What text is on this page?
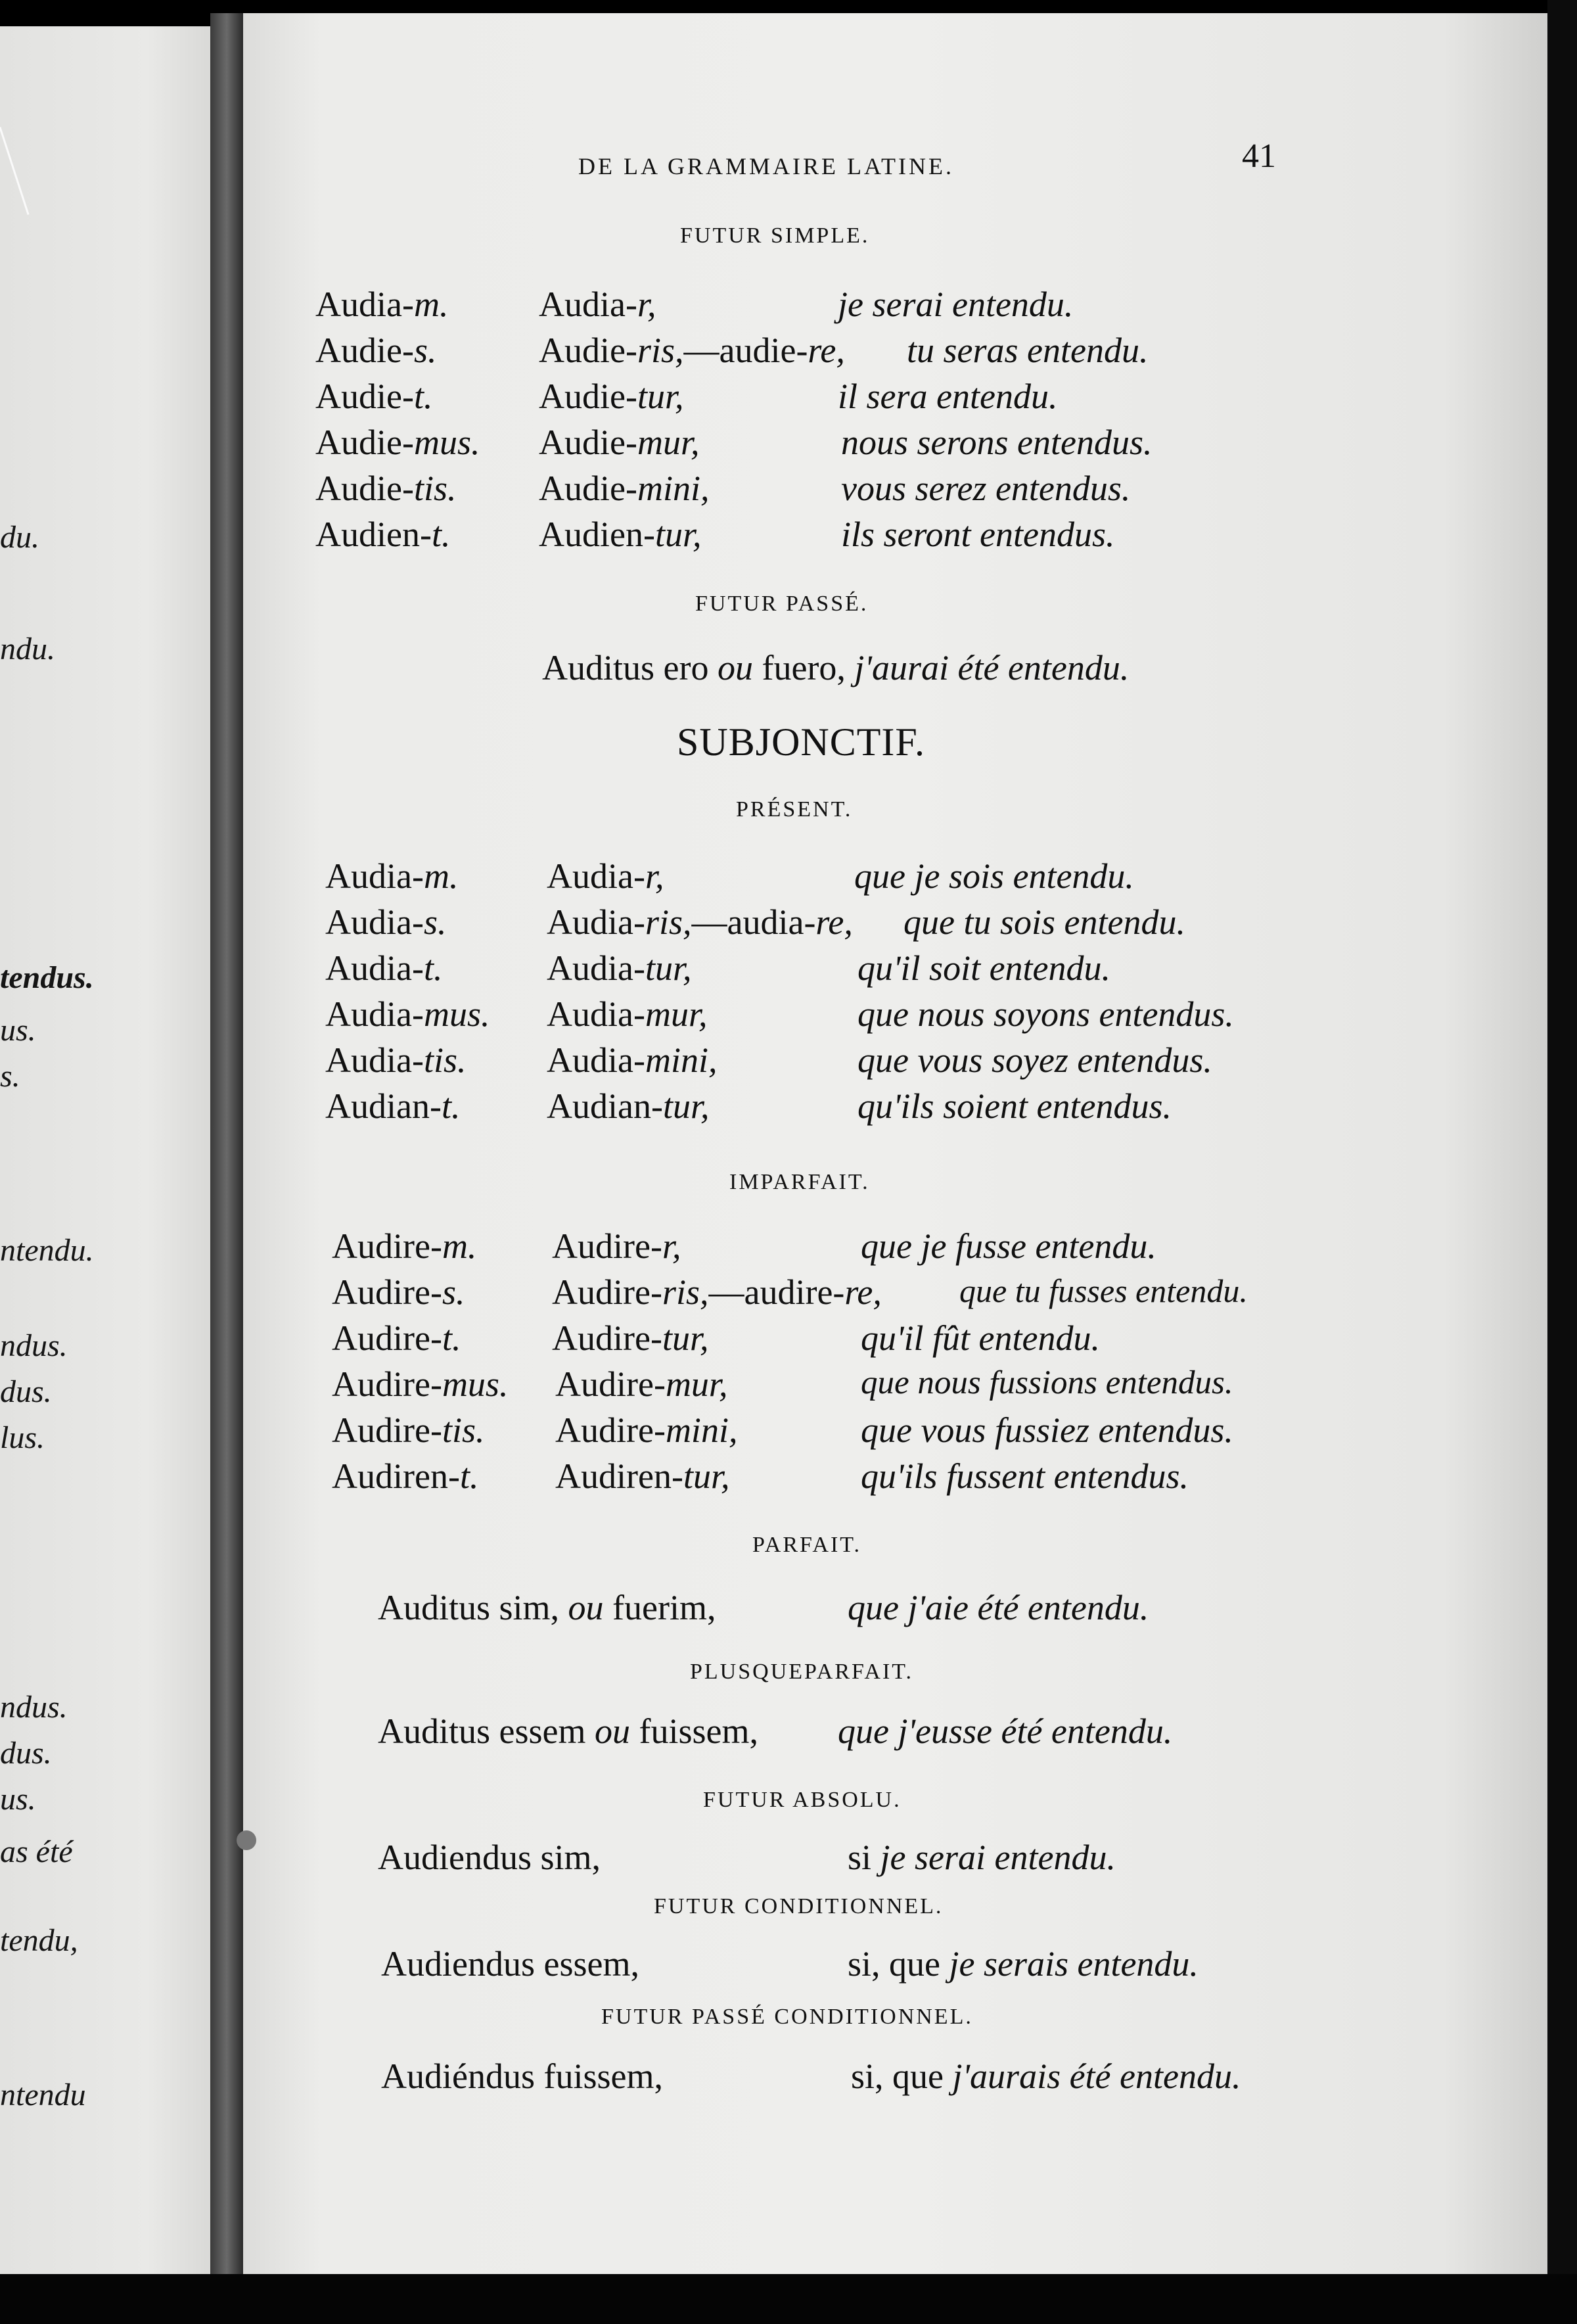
du.
ndu.
tendus.
us.
s.
ntendu.
ndus.
dus.
lus.
ndus.
dus.
us.
as été
tendu,
ntendu
DE LA GRAMMAIRE LATINE.	41
FUTUR SIMPLE.
Audia-m.	Audia-r,	je serai entendu.
Audie-s.	Audie-ris,—audie-re, tu seras entendu.
Audie-t.	Audie-tur,	il sera entendu.
Audie-mus. Audie-mur,	nous serons entendus.
Audie-tis. Audie-mini,	vous serez entendus.
Audien-t. Audien-tur,	ils seront entendus.
FUTUR PASSÉ.
Auditus ero ou fuero, j'aurai été entendu.
SUBJONCTIF.
PRÉSENT.
Audia-m. Audia-r,	que je sois entendu.
Audia-s.	Audia-ris,—audia-re, que tu sois entendu.
Audia-t.	Audia-tur,	qu'il soit entendu.
Audia-mus. Audia-mur,	que nous soyons entendus.
Audia-tis. Audia-mini,	que vous soyez entendus.
Audian-t. Audian-tur,	qu'ils soient entendus.
IMPARFAIT.
Audire-m. Audire-r,	que je fusse entendu.
Audire-s. Audire-ris,—audire-re, que tu fusses entendu.
Audire-t.	Audire-tur,	qu'il fût entendu.
Audire-mus. Audire-mur,	que nous fussions entendus.
Audire-tis. Audire-mini,	que vous fussiez entendus.
Audiren-t. Audiren-tur,	qu'ils fussent entendus.
PARFAIT.
Auditus sim, ou fuerim,	que j'aie été entendu.
PLUSQUEPARFAIT.
Auditus essem ou fuissem, que j'eusse été entendu.
FUTUR ABSOLU.
Audiendus sim,	si je serai entendu.
FUTUR CONDITIONNEL.
Audiendus essem,	si, que je serais entendu.
FUTUR PASSÉ CONDITIONNEL.
Audiéndus fuissem,	si, que j'aurais été entendu.
